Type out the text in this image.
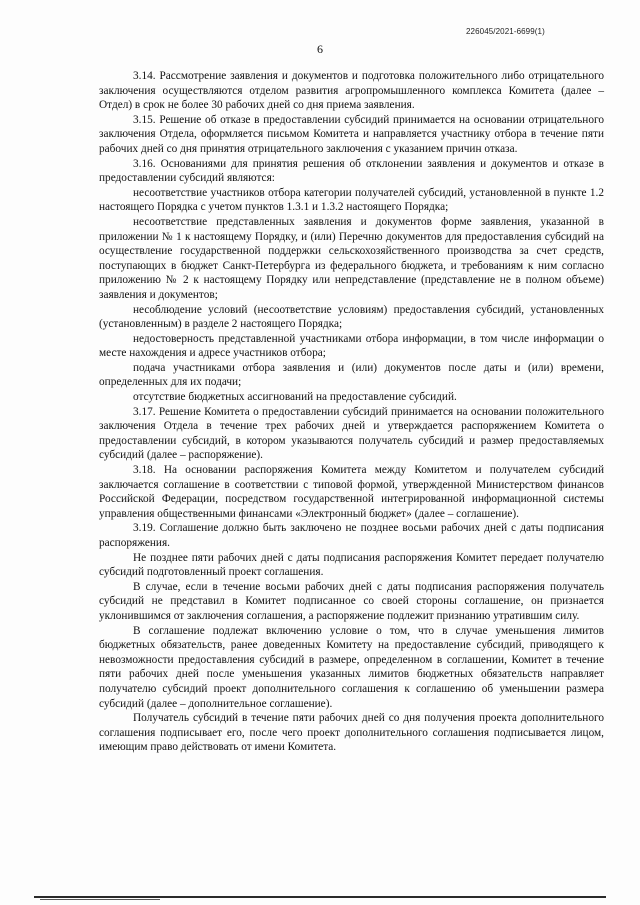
226045/2021-6699(1)
6

3.14. Рассмотрение заявления и документов и подготовка положительного либо отрицательного заключения осуществляются отделом развития агропромышленного комплекса Комитета (далее – Отдел) в срок не более 30 рабочих дней со дня приема заявления.

3.15. Решение об отказе в предоставлении субсидий принимается на основании отрицательного заключения Отдела, оформляется письмом Комитета и направляется участнику отбора в течение пяти рабочих дней со дня принятия отрицательного заключения с указанием причин отказа.

3.16. Основаниями для принятия решения об отклонении заявления и документов и отказе в предоставлении субсидий являются:

несоответствие участников отбора категории получателей субсидий, установленной в пункте 1.2 настоящего Порядка с учетом пунктов 1.3.1 и 1.3.2 настоящего Порядка;

несоответствие представленных заявления и документов форме заявления, указанной в приложении № 1 к настоящему Порядку, и (или) Перечню документов для предоставления субсидий на осуществление государственной поддержки сельскохозяйственного производства за счет средств, поступающих в бюджет Санкт-Петербурга из федерального бюджета, и требованиям к ним согласно приложению № 2 к настоящему Порядку или непредставление (представление не в полном объеме) заявления и документов;

несоблюдение условий (несоответствие условиям) предоставления субсидий, установленных (установленным) в разделе 2 настоящего Порядка;

недостоверность представленной участниками отбора информации, в том числе информации о месте нахождения и адресе участников отбора;

подача участниками отбора заявления и (или) документов после даты и (или) времени, определенных для их подачи;

отсутствие бюджетных ассигнований на предоставление субсидий.

3.17. Решение Комитета о предоставлении субсидий принимается на основании положительного заключения Отдела в течение трех рабочих дней и утверждается распоряжением Комитета о предоставлении субсидий, в котором указываются получатель субсидий и размер предоставляемых субсидий (далее – распоряжение).

3.18. На основании распоряжения Комитета между Комитетом и получателем субсидий заключается соглашение в соответствии с типовой формой, утвержденной Министерством финансов Российской Федерации, посредством государственной интегрированной информационной системы управления общественными финансами «Электронный бюджет» (далее – соглашение).

3.19. Соглашение должно быть заключено не позднее восьми рабочих дней с даты подписания распоряжения.

Не позднее пяти рабочих дней с даты подписания распоряжения Комитет передает получателю субсидий подготовленный проект соглашения.

В случае, если в течение восьми рабочих дней с даты подписания распоряжения получатель субсидий не представил в Комитет подписанное со своей стороны соглашение, он признается уклонившимся от заключения соглашения, а распоряжение подлежит признанию утратившим силу.

В соглашение подлежат включению условие о том, что в случае уменьшения лимитов бюджетных обязательств, ранее доведенных Комитету на предоставление субсидий, приводящего к невозможности предоставления субсидий в размере, определенном в соглашении, Комитет в течение пяти рабочих дней после уменьшения указанных лимитов бюджетных обязательств направляет получателю субсидий проект дополнительного соглашения к соглашению об уменьшении размера субсидий (далее – дополнительное соглашение).

Получатель субсидий в течение пяти рабочих дней со дня получения проекта дополнительного соглашения подписывает его, после чего проект дополнительного соглашения подписывается лицом, имеющим право действовать от имени Комитета.
